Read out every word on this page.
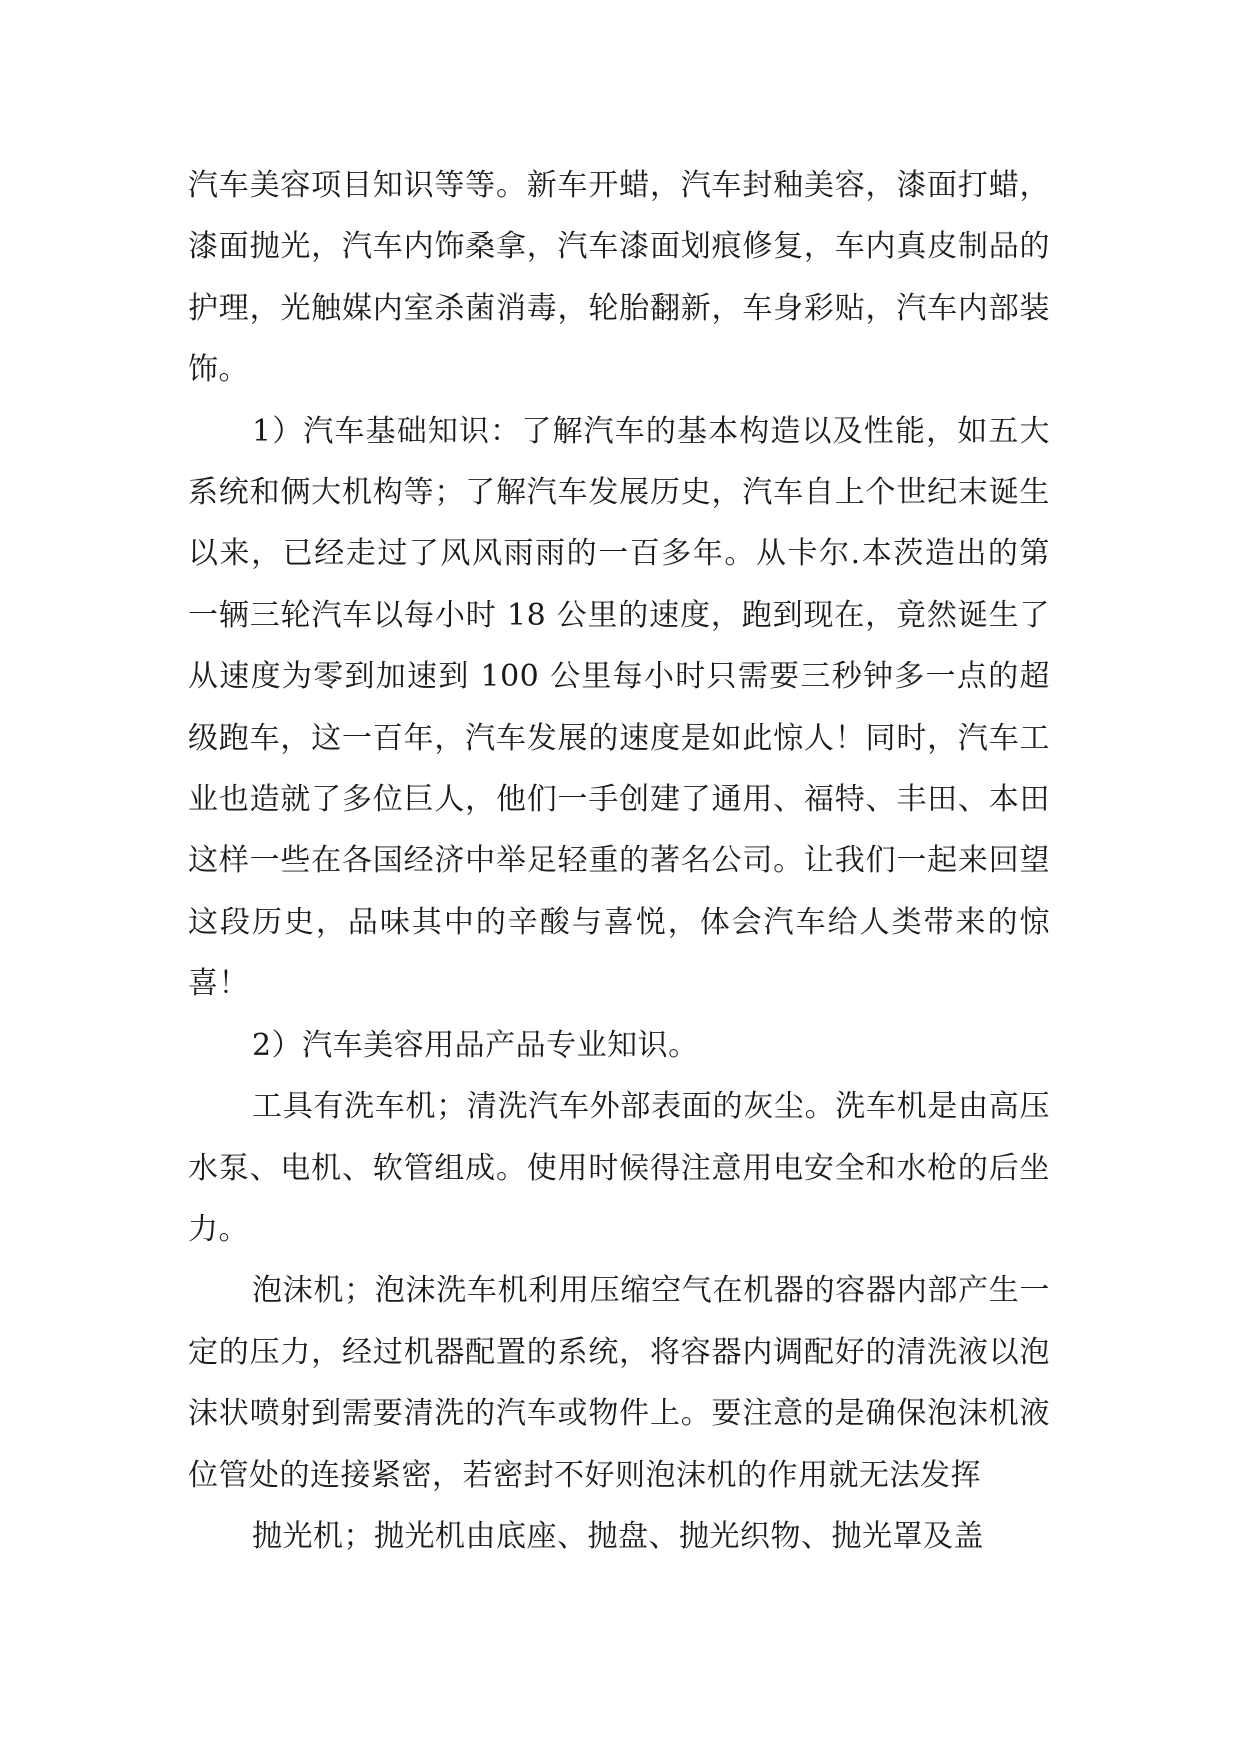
汽车美容项目知识等等。新车开蜡，汽车封釉美容，漆面打蜡，漆面抛光，汽车内饰桑拿，汽车漆面划痕修复，车内真皮制品的护理，光触媒内室杀菌消毒，轮胎翻新，车身彩贴，汽车内部装饰。

1）汽车基础知识：了解汽车的基本构造以及性能，如五大系统和俩大机构等；了解汽车发展历史，汽车自上个世纪末诞生以来，已经走过了风风雨雨的一百多年。从卡尔.本茨造出的第一辆三轮汽车以每小时 18 公里的速度，跑到现在，竟然诞生了从速度为零到加速到 100 公里每小时只需要三秒钟多一点的超级跑车，这一百年，汽车发展的速度是如此惊人！同时，汽车工业也造就了多位巨人，他们一手创建了通用、福特、丰田、本田这样一些在各国经济中举足轻重的著名公司。让我们一起来回望这段历史，品味其中的辛酸与喜悦，体会汽车给人类带来的惊喜！

2）汽车美容用品产品专业知识。

工具有洗车机；清洗汽车外部表面的灰尘。洗车机是由高压水泵、电机、软管组成。使用时候得注意用电安全和水枪的后坐力。

泡沫机；泡沫洗车机利用压缩空气在机器的容器内部产生一定的压力，经过机器配置的系统，将容器内调配好的清洗液以泡沫状喷射到需要清洗的汽车或物件上。要注意的是确保泡沫机液位管处的连接紧密，若密封不好则泡沫机的作用就无法发挥

抛光机；抛光机由底座、抛盘、抛光织物、抛光罩及盖
